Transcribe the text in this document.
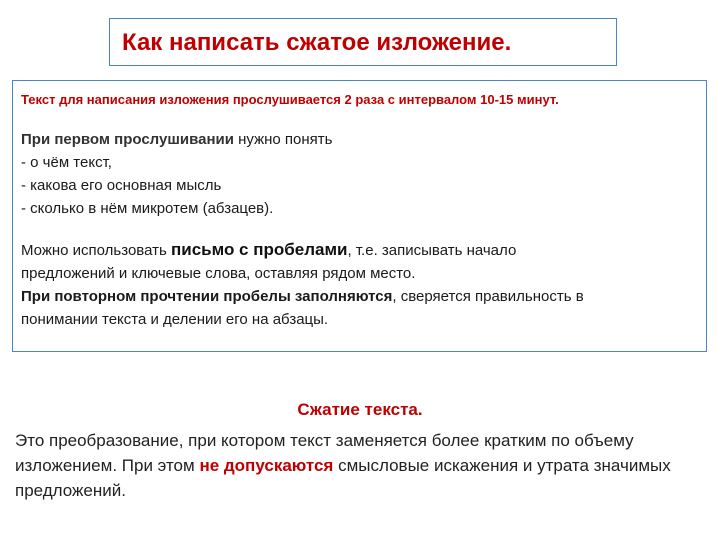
Как написать сжатое изложение.
Текст для написания изложения прослушивается 2 раза с интервалом 10-15 минут.
При первом прослушивании нужно понять
- о чём текст,
- какова его основная мысль
- сколько в нём микротем (абзацев).
Можно использовать письмо с пробелами, т.е. записывать начало
предложений и ключевые слова, оставляя рядом место.
При повторном прочтении пробелы заполняются, сверяется правильность в
понимании текста и делении его на абзацы.
Сжатие текста.
Это преобразование, при котором текст заменяется более кратким по объему изложением. При этом не допускаются смысловые искажения и утрата значимых предложений.
